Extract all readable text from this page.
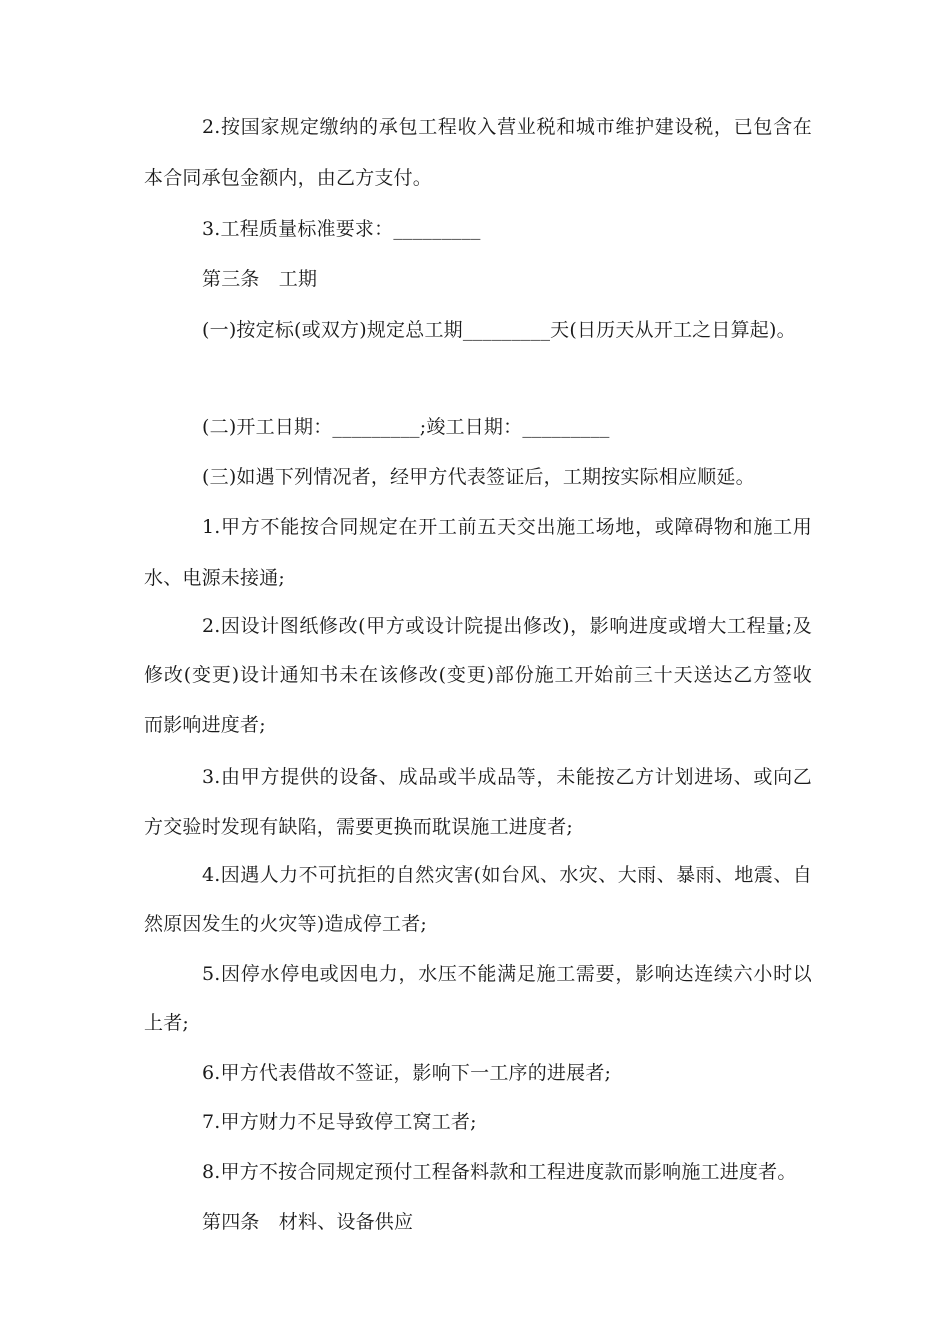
2.按国家规定缴纳的承包工程收入营业税和城市维护建设税，已包含在
本合同承包金额内，由乙方支付。
3.工程质量标准要求：_________
第三条　工期
(一)按定标(或双方)规定总工期_________天(日历天从开工之日算起)。
(二)开工日期：_________;竣工日期：_________
(三)如遇下列情况者，经甲方代表签证后，工期按实际相应顺延。
1.甲方不能按合同规定在开工前五天交出施工场地，或障碍物和施工用
水、电源未接通;
2.因设计图纸修改(甲方或设计院提出修改)，影响进度或增大工程量;及
修改(变更)设计通知书未在该修改(变更)部份施工开始前三十天送达乙方签收
而影响进度者;
3.由甲方提供的设备、成品或半成品等，未能按乙方计划进场、或向乙
方交验时发现有缺陷，需要更换而耽误施工进度者;
4.因遇人力不可抗拒的自然灾害(如台风、水灾、大雨、暴雨、地震、自
然原因发生的火灾等)造成停工者;
5.因停水停电或因电力，水压不能满足施工需要，影响达连续六小时以
上者;
6.甲方代表借故不签证，影响下一工序的进展者;
7.甲方财力不足导致停工窝工者;
8.甲方不按合同规定预付工程备料款和工程进度款而影响施工进度者。
第四条　材料、设备供应
